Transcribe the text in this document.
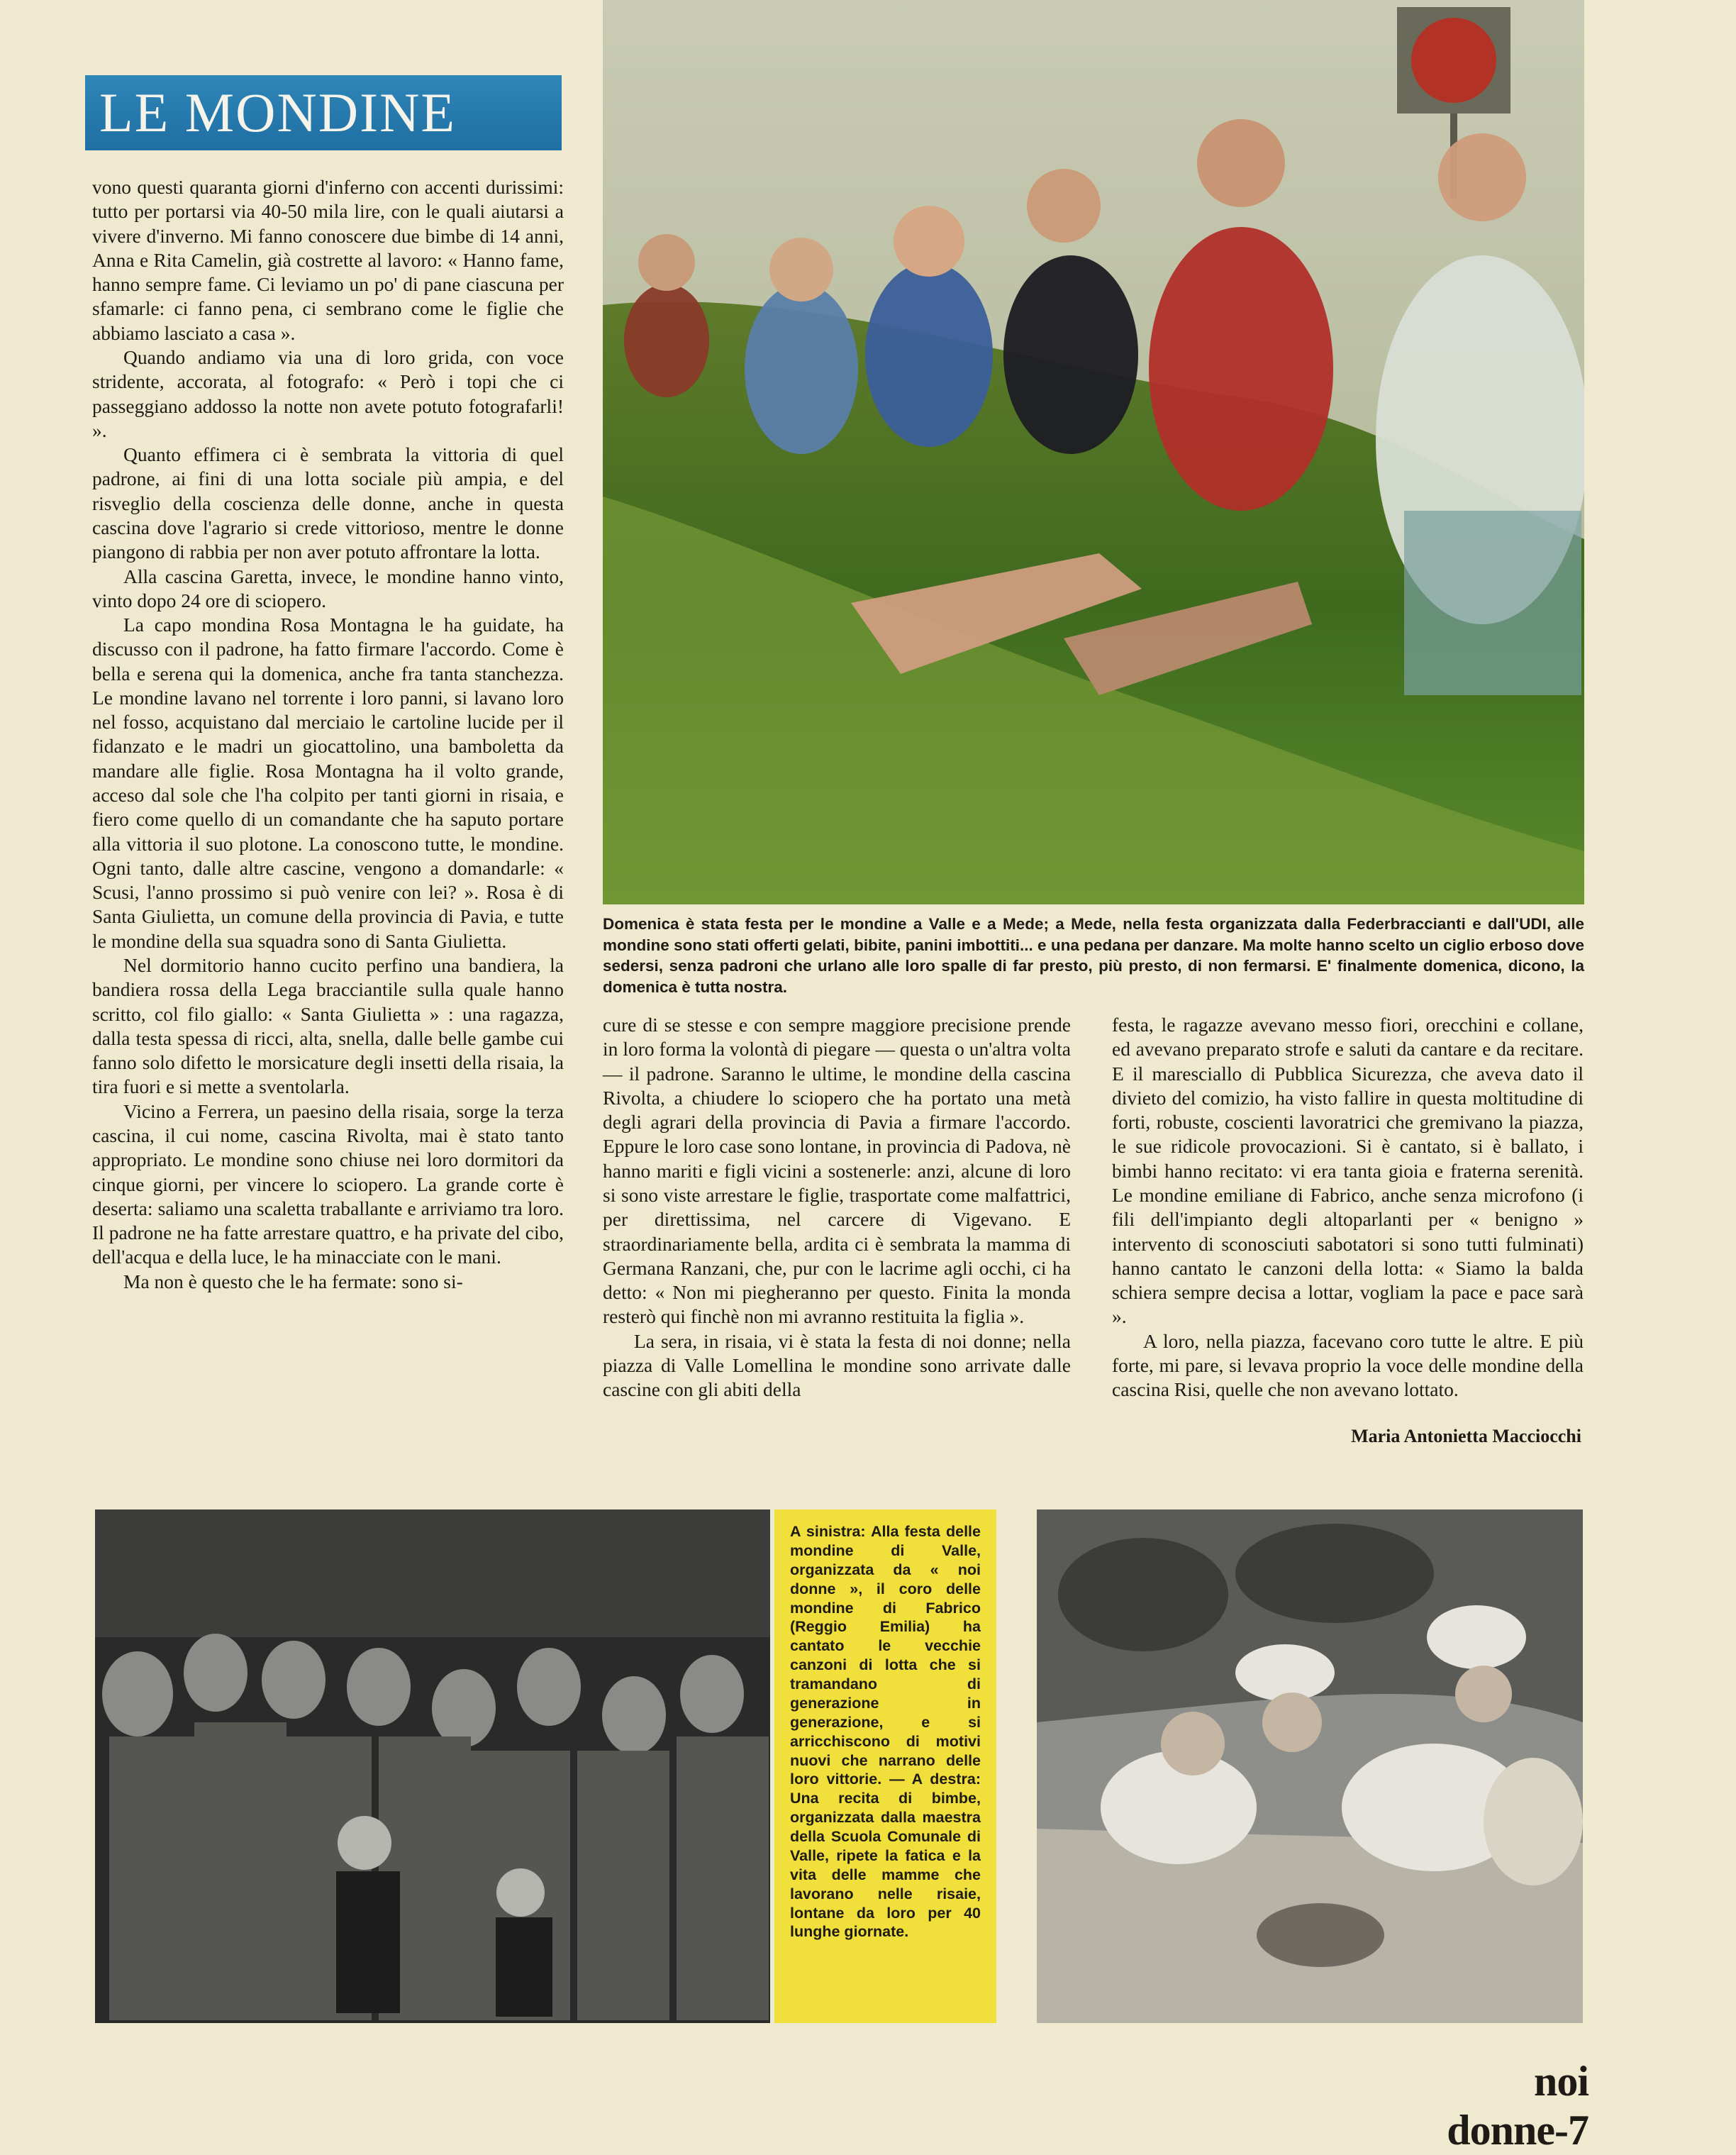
LE MONDINE
Domenica è stata festa per le mondine a Valle e a Mede; a Mede, nella festa organizzata dalla Federbraccianti e dall'UDI, alle mondine sono stati offerti gelati, bibite, panini imbottiti... e una pedana per danzare. Ma molte hanno scelto un ciglio erboso dove sedersi, senza padroni che urlano alle loro spalle di far presto, più presto, di non fermarsi. E' finalmente domenica, dicono, la domenica è tutta nostra.

vono questi quaranta giorni d'inferno con accenti durissimi: tutto per portarsi via 40-50 mila lire, con le quali aiutarsi a vivere d'inverno. Mi fanno conoscere due bimbe di 14 anni, Anna e Rita Camelin, già costrette al lavoro: « Hanno fame, hanno sempre fame. Ci leviamo un po' di pane ciascuna per sfamarle: ci fanno pena, ci sembrano come le figlie che abbiamo lasciato a casa ».

Quando andiamo via una di loro grida, con voce stridente, accorata, al fotografo: « Però i topi che ci passeggiano addosso la notte non avete potuto fotografarli! ».

Quanto effimera ci è sembrata la vittoria di quel padrone, ai fini di una lotta sociale più ampia, e del risveglio della coscienza delle donne, anche in questa cascina dove l'agrario si crede vittorioso, mentre le donne piangono di rabbia per non aver potuto affrontare la lotta.

Alla cascina Garetta, invece, le mondine hanno vinto, vinto dopo 24 ore di sciopero.

La capo mondina Rosa Montagna le ha guidate, ha discusso con il padrone, ha fatto firmare l'accordo. Come è bella e serena qui la domenica, anche fra tanta stanchezza. Le mondine lavano nel torrente i loro panni, si lavano loro nel fosso, acquistano dal merciaio le cartoline lucide per il fidanzato e le madri un giocattolino, una bamboletta da mandare alle figlie. Rosa Montagna ha il volto grande, acceso dal sole che l'ha colpito per tanti giorni in risaia, e fiero come quello di un comandante che ha saputo portare alla vittoria il suo plotone. La conoscono tutte, le mondine. Ogni tanto, dalle altre cascine, vengono a domandarle: « Scusi, l'anno prossimo si può venire con lei? ». Rosa è di Santa Giulietta, un comune della provincia di Pavia, e tutte le mondine della sua squadra sono di Santa Giulietta.

Nel dormitorio hanno cucito perfino una bandiera, la bandiera rossa della Lega bracciantile sulla quale hanno scritto, col filo giallo: « Santa Giulietta » : una ragazza, dalla testa spessa di ricci, alta, snella, dalle belle gambe cui fanno solo difetto le morsicature degli insetti della risaia, la tira fuori e si mette a sventolarla.

Vicino a Ferrera, un paesino della risaia, sorge la terza cascina, il cui nome, cascina Rivolta, mai è stato tanto appropriato. Le mondine sono chiuse nei loro dormitori da cinque giorni, per vincere lo sciopero. La grande corte è deserta: saliamo una scaletta traballante e arriviamo tra loro. Il padrone ne ha fatte arrestare quattro, e ha private del cibo, dell'acqua e della luce, le ha minacciate con le mani.

Ma non è questo che le ha fermate: sono si-

cure di se stesse e con sempre maggiore precisione prende in loro forma la volontà di piegare — questa o un'altra volta — il padrone. Saranno le ultime, le mondine della cascina Rivolta, a chiudere lo sciopero che ha portato una metà degli agrari della provincia di Pavia a firmare l'accordo. Eppure le loro case sono lontane, in provincia di Padova, nè hanno mariti e figli vicini a sostenerle: anzi, alcune di loro si sono viste arrestare le figlie, trasportate come malfattrici, per direttissima, nel carcere di Vigevano. E straordinariamente bella, ardita ci è sembrata la mamma di Germana Ranzani, che, pur con le lacrime agli occhi, ci ha detto: « Non mi piegheranno per questo. Finita la monda resterò qui finchè non mi avranno restituita la figlia ».

La sera, in risaia, vi è stata la festa di noi donne; nella piazza di Valle Lomellina le mondine sono arrivate dalle cascine con gli abiti della

festa, le ragazze avevano messo fiori, orecchini e collane, ed avevano preparato strofe e saluti da cantare e da recitare. E il maresciallo di Pubblica Sicurezza, che aveva dato il divieto del comizio, ha visto fallire in questa moltitudine di forti, robuste, coscienti lavoratrici che gremivano la piazza, le sue ridicole provocazioni. Si è cantato, si è ballato, i bimbi hanno recitato: vi era tanta gioia e fraterna serenità. Le mondine emiliane di Fabrico, anche senza microfono (i fili dell'impianto degli altoparlanti per « benigno » intervento di sconosciuti sabotatori si sono tutti fulminati) hanno cantato le canzoni della lotta: « Siamo la balda schiera sempre decisa a lottar, vogliam la pace e pace sarà ».

A loro, nella piazza, facevano coro tutte le altre. E più forte, mi pare, si levava proprio la voce delle mondine della cascina Risi, quelle che non avevano lottato.

Maria Antonietta Macciocchi
A sinistra: Alla festa delle mondine di Valle, organizzata da « noi donne », il coro delle mondine di Fabrico (Reggio Emilia) ha cantato le vecchie canzoni di lotta che si tramandano di generazione in generazione, e si arricchiscono di motivi nuovi che narrano delle loro vittorie. — A destra: Una recita di bimbe, organizzata dalla maestra della Scuola Comunale di Valle, ripete la fatica e la vita delle mamme che lavorano nelle risaie, lontane da loro per 40 lunghe giornate.
noi donne-7
